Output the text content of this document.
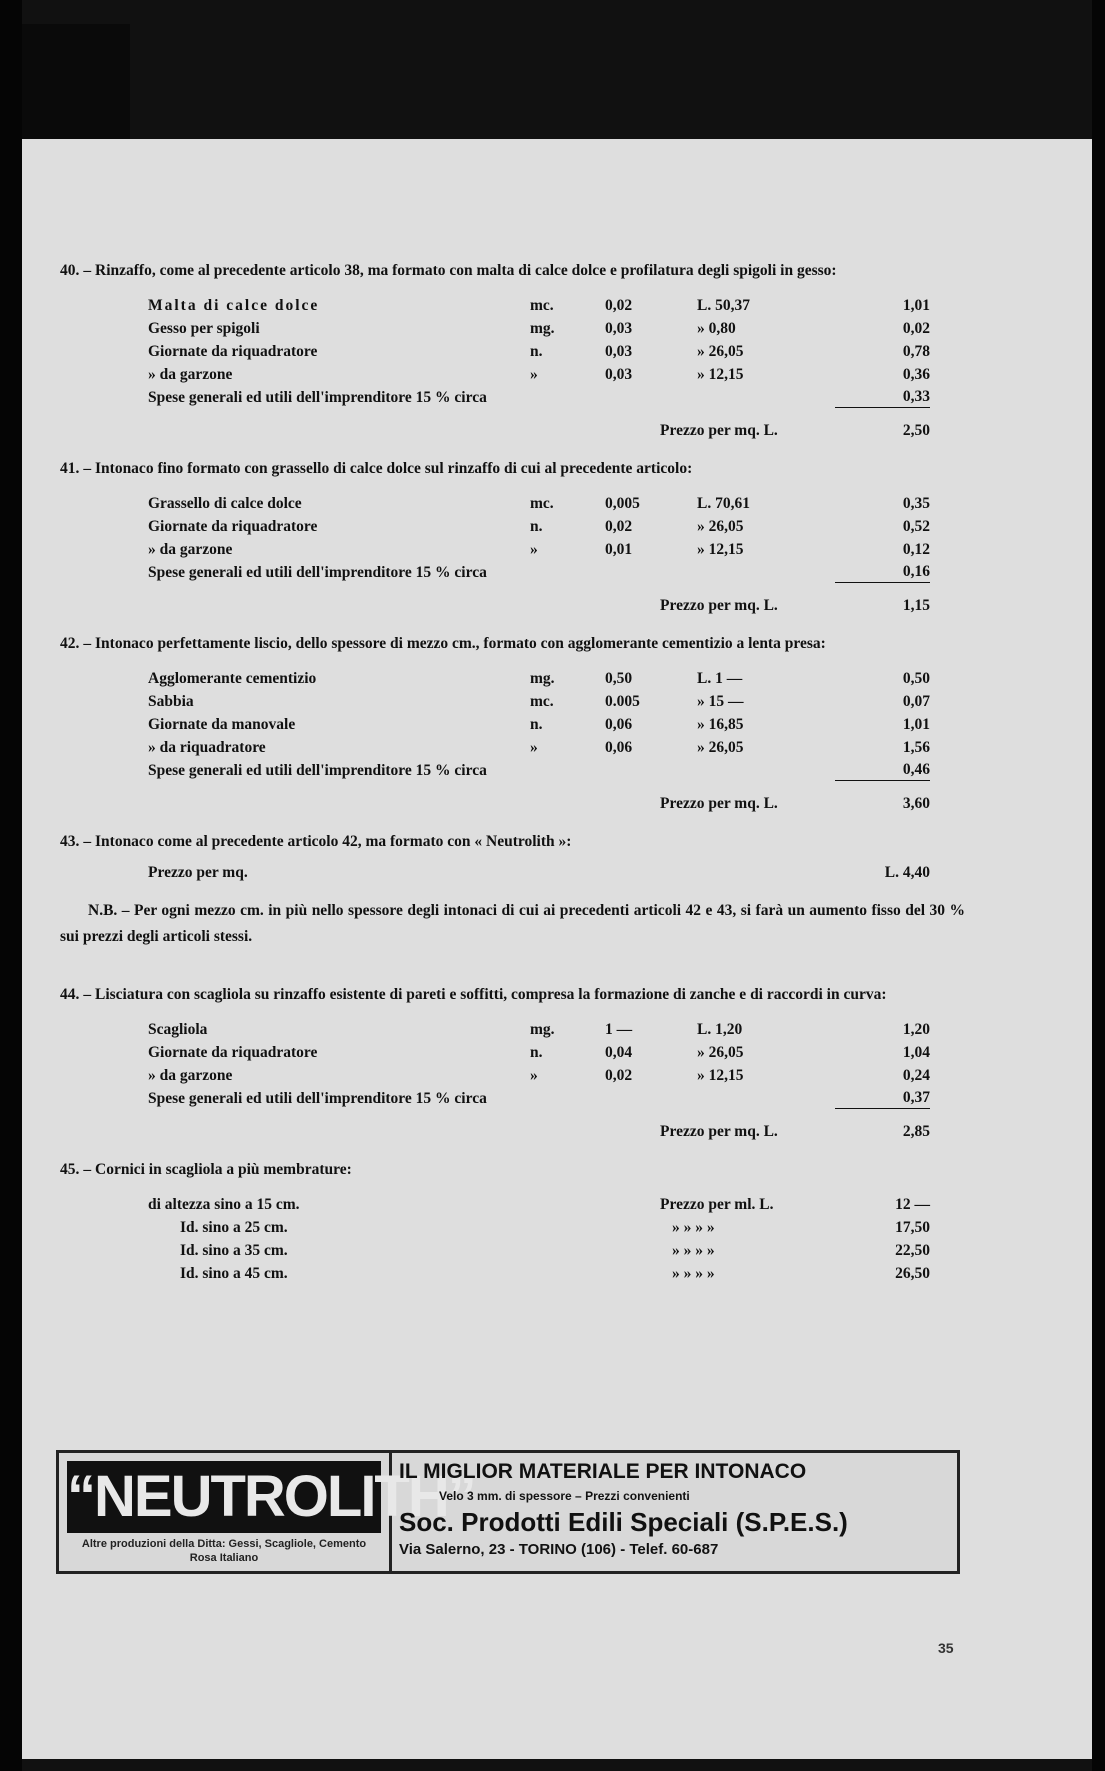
40. – Rinzaffo, come al precedente articolo 38, ma formato con malta di calce dolce e profilatura degli spigoli in gesso:

Malta di calce dolce	mc.	0,02	L. 50,37	1,01
Gesso per spigoli	mg.	0,03	» 0,80	0,02
Giornate da riquadratore	n.	0,03	» 26,05	0,78
» da garzone	»	0,03	» 12,15	0,36
Spese generali ed utili dell'imprenditore 15 % circa	0,33
Prezzo per mq. L.	2,50

41. – Intonaco fino formato con grassello di calce dolce sul rinzaffo di cui al precedente articolo:

Grassello di calce dolce	mc.	0,005	L. 70,61	0,35
Giornate da riquadratore	n.	0,02	» 26,05	0,52
» da garzone	»	0,01	» 12,15	0,12
Spese generali ed utili dell'imprenditore 15 % circa	0,16
Prezzo per mq. L.	1,15

42. – Intonaco perfettamente liscio, dello spessore di mezzo cm., formato con agglomerante cementizio a lenta presa:

Agglomerante cementizio	mg.	0,50	L. 1 —	0,50
Sabbia	mc.	0.005	» 15 —	0,07
Giornate da manovale	n.	0,06	» 16,85	1,01
» da riquadratore	»	0,06	» 26,05	1,56
Spese generali ed utili dell'imprenditore 15 % circa	0,46
Prezzo per mq. L.	3,60

43. – Intonaco come al precedente articolo 42, ma formato con « Neutrolith »:

Prezzo per mq.	L. 4,40

N.B. – Per ogni mezzo cm. in più nello spessore degli intonaci di cui ai precedenti articoli 42 e 43, si farà un aumento fisso del 30 % sui prezzi degli articoli stessi.

44. – Lisciatura con scagliola su rinzaffo esistente di pareti e soffitti, compresa la formazione di zanche e di raccordi in curva:

Scagliola	mg.	1 —	L. 1,20	1,20
Giornate da riquadratore	n.	0,04	» 26,05	1,04
» da garzone	»	0,02	» 12,15	0,24
Spese generali ed utili dell'imprenditore 15 % circa	0,37
Prezzo per mq. L.	2,85

45. – Cornici in scagliola a più membrature:

di altezza sino a 15 cm.	Prezzo per ml. L.	12 —
Id. sino a 25 cm.	» » » »	17,50
Id. sino a 35 cm.	» » » »	22,50
Id. sino a 45 cm.	» » » »	26,50
“NEUTROLITH”
Altre produzioni della Ditta: Gessi, Scagliole, Cemento Rosa Italiano
IL MIGLIOR MATERIALE PER INTONACO
Velo 3 mm. di spessore – Prezzi convenienti
Soc. Prodotti Edili Speciali (S.P.E.S.)
Via Salerno, 23 - TORINO (106) - Telef. 60-687
35
